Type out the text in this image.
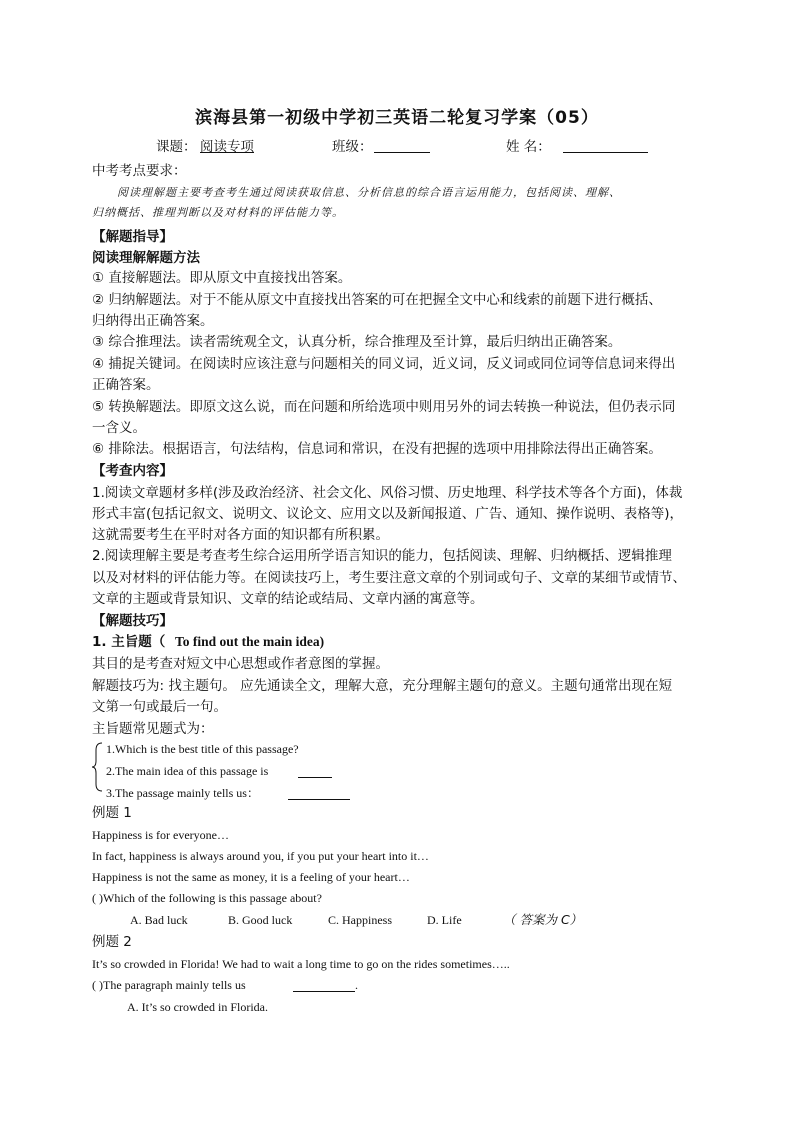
滨海县第一初级中学初三英语二轮复习学案（05）
课题： 阅读专项	班级：	姓 名：
中考考点要求：
阅读理解题主要考查考生通过阅读获取信息、分析信息的综合语言运用能力，包括阅读、理解、
归纳概括、推理判断以及对材料的评估能力等。
【解题指导】
阅读理解解题方法
① 直接解题法。即从原文中直接找出答案。
② 归纳解题法。对于不能从原文中直接找出答案的可在把握全文中心和线索的前题下进行概括、
归纳得出正确答案。
③ 综合推理法。读者需统观全文，认真分析，综合推理及至计算，最后归纳出正确答案。
④ 捕捉关键词。在阅读时应该注意与问题相关的同义词，近义词，反义词或同位词等信息词来得出
正确答案。
⑤ 转换解题法。即原文这么说，而在问题和所给选项中则用另外的词去转换一种说法，但仍表示同
一含义。
⑥ 排除法。根据语言，句法结构，信息词和常识，在没有把握的选项中用排除法得出正确答案。
【考查内容】
1.阅读文章题材多样(涉及政治经济、社会文化、风俗习惯、历史地理、科学技术等各个方面)，体裁
形式丰富(包括记叙文、说明文、议论文、应用文以及新闻报道、广告、通知、操作说明、表格等)，
这就需要考生在平时对各方面的知识都有所积累。
2.阅读理解主要是考查考生综合运用所学语言知识的能力，包括阅读、理解、归纳概括、逻辑推理
以及对材料的评估能力等。在阅读技巧上，考生要注意文章的个别词或句子、文章的某细节或情节、
文章的主题或背景知识、文章的结论或结局、文章内涵的寓意等。
【解题技巧】
1. 主旨题（ To find out the main idea)
其目的是考查对短文中心思想或作者意图的掌握。
解题技巧为: 找主题句。 应先通读全文，理解大意，充分理解主题句的意义。主题句通常出现在短
文第一句或最后一句。
主旨题常见题式为：
1.Which is the best title of this passage?
2.The main idea of this passage is
3.The passage mainly tells us：
例题 1
Happiness is for everyone…
In fact, happiness is always around you, if you put your heart into it…
Happiness is not the same as money, it is a feeling of your heart…
( )Which of the following is this passage about?
A. Bad luck	B. Good luck	C. Happiness	D. Life	（ 答案为 C）
例题 2
It’s so crowded in Florida! We had to wait a long time to go on the rides sometimes…..
( )The paragraph mainly tells us	.
A. It’s so crowded in Florida.
